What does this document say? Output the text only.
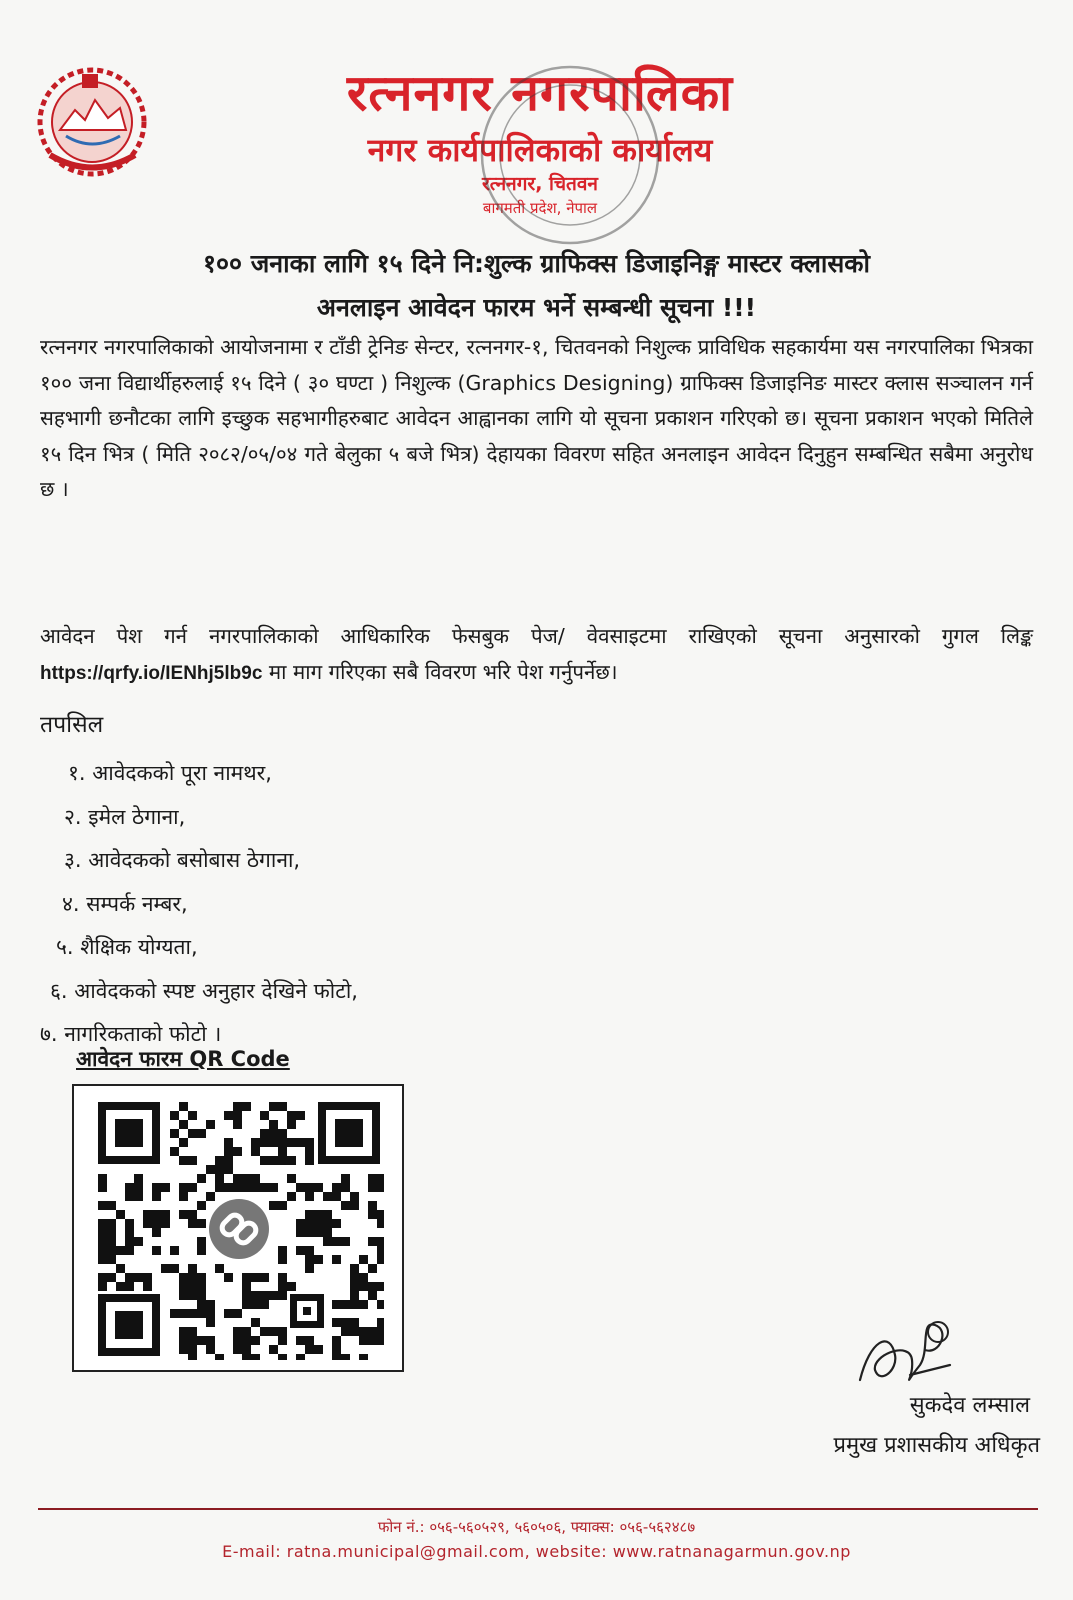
रत्ननगर नगरपालिका
नगर कार्यपालिकाको कार्यालय
रत्ननगर, चितवन
बागमती प्रदेश, नेपाल
१०० जनाका लागि १५ दिने नि:शुल्क ग्राफिक्स डिजाइनिङ्ग मास्टर क्लासको
अनलाइन आवेदन फारम भर्ने सम्बन्धी सूचना !!!
रत्ननगर नगरपालिकाको आयोजनामा र टाँडी ट्रेनिङ सेन्टर, रत्ननगर-१, चितवनको निशुल्क प्राविधिक सहकार्यमा यस नगरपालिका भित्रका १०० जना विद्यार्थीहरुलाई १५ दिने ( ३० घण्टा ) निशुल्क (Graphics Designing) ग्राफिक्स डिजाइनिङ मास्टर क्लास सञ्चालन गर्न सहभागी छनौटका लागि इच्छुक सहभागीहरुबाट आवेदन आह्वानका लागि यो सूचना प्रकाशन गरिएको छ। सूचना प्रकाशन भएको मितिले १५ दिन भित्र ( मिति २०८२/०५/०४ गते बेलुका ५ बजे भित्र) देहायका विवरण सहित अनलाइन आवेदन दिनुहुन सम्बन्धित सबैमा अनुरोध छ ।
आवेदन पेश गर्न नगरपालिकाको आधिकारिक फेसबुक पेज/ वेवसाइटमा राखिएको सूचना अनुसारको गुगल लिङ्क https://qrfy.io/IENhj5lb9c मा माग गरिएका सबै विवरण भरि पेश गर्नुपर्नेछ।
तपसिल
१. आवेदकको पूरा नामथर,
२. इमेल ठेगाना,
३. आवेदकको बसोबास ठेगाना,
४. सम्पर्क नम्बर,
५. शैक्षिक योग्यता,
६. आवेदकको स्पष्ट अनुहार देखिने फोटो,
७. नागरिकताको फोटो ।
आवेदन फारम QR Code
सुकदेव लम्साल
प्रमुख प्रशासकीय अधिकृत
फोन नं.: ०५६-५६०५२९, ५६०५०६, फ्याक्स: ०५६-५६२४८७
E-mail: ratna.municipal@gmail.com, website: www.ratnanagarmun.gov.np
